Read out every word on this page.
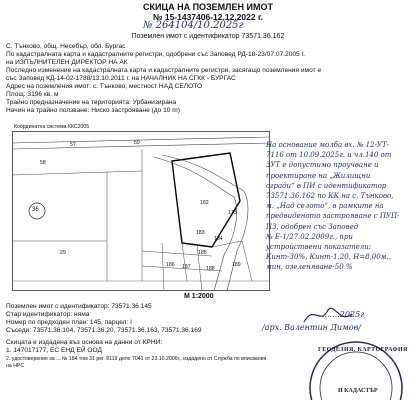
СКИЦА НА ПОЗЕМЛЕН ИМОТ
№ 15-1437406-12.12.2022 г.
№ 264104/10.2025г
Поземлен имот с идентификатор 73571.36.162
С. Тънково, общ. Несебър, обл. Бургас
По кадастралната карта и кадастралните регистри, одобрени със Заповед РД-18-23/07.07.2005 г.
на ИЗПЪЛНИТЕЛЕН ДИРЕКТОР НА АК
Последно изменение на кадастралната карта и кадастралните регистри, засягащо поземления имот е
със Заповед КД-14-02-1788/13.10.2011 г. на НАЧАЛНИК НА СГКК - БУРГАС
Адрес на поземления имот: с. Тънково, местност НАД СЕЛОТО
Площ: 3196 кв. м
Трайно предназначение на територията: Урбанизирана
Начин на трайно ползване: Ниско застрояване (до 10 m)
Координатна система ККС2005
57	59
58
36
29
182
183
184
185
173
186 187	188
189
М 1:2000
На основание молба вх. № 12-УТ-
7116 от 10.09.2025г. и чл.140 от
ЗУТ е допустимо проучване и
проектиране на „Жилищни
сгради“ в ПИ с идентификатор
73571.36.162 по КК на с. Тънково,
м. „Над селото“, в рамките на
предвиденото застрояване с ПУП-
ПЗ, одобрен със Заповед
№ Е-1/27.02.2009г., при
устройствени показатели:
Кинт-30%, Кинт-1,20, Н=8,00м.,
мин. озеленяване-50 %
Поземлен имот с идентификатор: 73571.36.145
Стар идентификатор: няма
Номер по предходен план: 145, парцел: I
Съседи: 73571.36.104, 73571.36.20, 73571.36.163, 73571.36.169
Скицата е издадена въз основа на данни от КРНИ:
1. 147017177, ЕС ЕНД ЕЙ ООД
2. удостоверение за ... № 184 том 31 рег. 8119 дело 7041 от 23.10.2006г., издадено от Служба по вписвания
на НРС
.......2025г
/арх. Валентин Димов/
ГЕОДЕЗИЯ, КАРТОГРАФИЯ
И КАДАСТЪР
